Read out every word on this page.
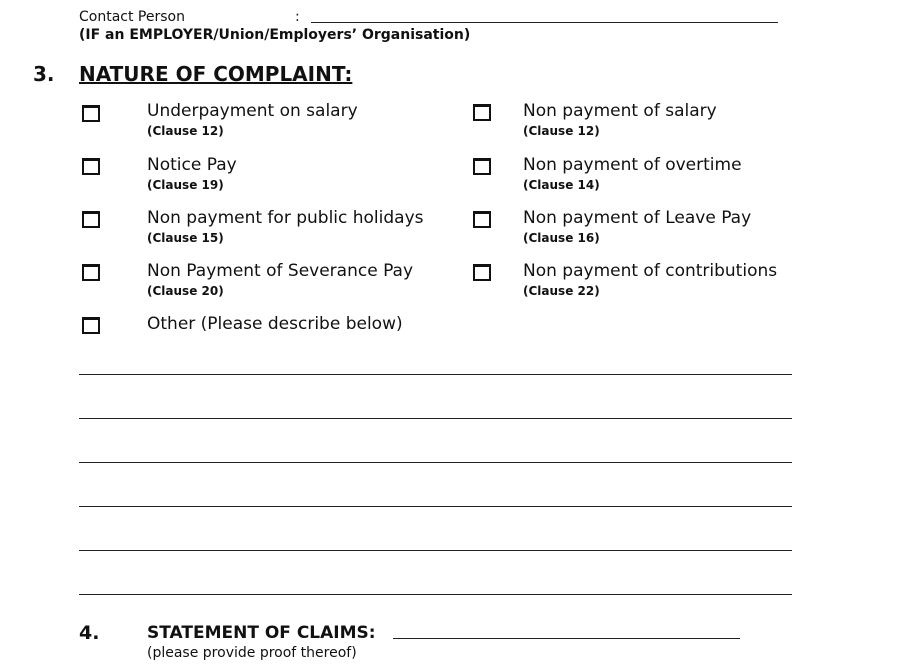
Contact Person	:
(IF an EMPLOYER/Union/Employers’ Organisation)
3. NATURE OF COMPLAINT:
Underpayment on salary
(Clause 12)
Notice Pay
(Clause 19)
Non payment for public holidays
(Clause 15)
Non Payment of Severance Pay
(Clause 20)
Other (Please describe below)
Non payment of salary
(Clause 12)
Non payment of overtime
(Clause 14)
Non payment of Leave Pay
(Clause 16)
Non payment of contributions
(Clause 22)
4.	STATEMENT OF CLAIMS:
(please provide proof thereof)
